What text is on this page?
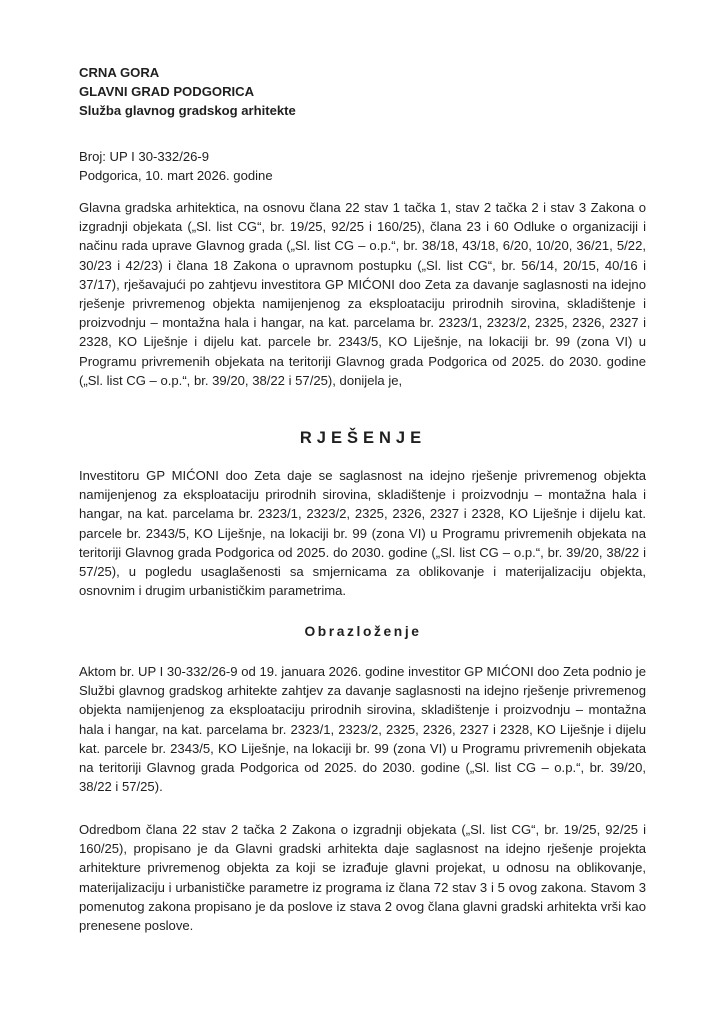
CRNA GORA
GLAVNI GRAD PODGORICA
Služba glavnog gradskog arhitekte
Broj: UP I 30-332/26-9
Podgorica, 10. mart 2026. godine

Glavna gradska arhitektica, na osnovu člana 22 stav 1 tačka 1, stav 2 tačka 2 i stav 3 Zakona o izgradnji objekata („Sl. list CG“, br. 19/25, 92/25 i 160/25), člana 23 i 60 Odluke o organizaciji i načinu rada uprave Glavnog grada („Sl. list CG – o.p.“, br. 38/18, 43/18, 6/20, 10/20, 36/21, 5/22, 30/23 i 42/23) i člana 18 Zakona o upravnom postupku („Sl. list CG“, br. 56/14, 20/15, 40/16 i 37/17), rješavajući po zahtjevu investitora GP MIĆONI doo Zeta za davanje saglasnosti na idejno rješenje privremenog objekta namijenjenog za eksploataciju prirodnih sirovina, skladištenje i proizvodnju – montažna hala i hangar, na kat. parcelama br. 2323/1, 2323/2, 2325, 2326, 2327 i 2328, KO Liješnje i dijelu kat. parcele br. 2343/5, KO Liješnje, na lokaciji br. 99 (zona VI) u Programu privremenih objekata na teritoriji Glavnog grada Podgorica od 2025. do 2030. godine („Sl. list CG – o.p.“, br. 39/20, 38/22 i 57/25), donijela je,

RJEŠENJE

Investitoru GP MIĆONI doo Zeta daje se saglasnost na idejno rješenje privremenog objekta namijenjenog za eksploataciju prirodnih sirovina, skladištenje i proizvodnju – montažna hala i hangar, na kat. parcelama br. 2323/1, 2323/2, 2325, 2326, 2327 i 2328, KO Liješnje i dijelu kat. parcele br. 2343/5, KO Liješnje, na lokaciji br. 99 (zona VI) u Programu privremenih objekata na teritoriji Glavnog grada Podgorica od 2025. do 2030. godine („Sl. list CG – o.p.“, br. 39/20, 38/22 i 57/25), u pogledu usaglašenosti sa smjernicama za oblikovanje i materijalizaciju objekta, osnovnim i drugim urbanističkim parametrima.

Obrazloženje

Aktom br. UP I 30-332/26-9 od 19. januara 2026. godine investitor GP MIĆONI doo Zeta podnio je Službi glavnog gradskog arhitekte zahtjev za davanje saglasnosti na idejno rješenje privremenog objekta namijenjenog za eksploataciju prirodnih sirovina, skladištenje i proizvodnju – montažna hala i hangar, na kat. parcelama br. 2323/1, 2323/2, 2325, 2326, 2327 i 2328, KO Liješnje i dijelu kat. parcele br. 2343/5, KO Liješnje, na lokaciji br. 99 (zona VI) u Programu privremenih objekata na teritoriji Glavnog grada Podgorica od 2025. do 2030. godine („Sl. list CG – o.p.“, br. 39/20, 38/22 i 57/25).

Odredbom člana 22 stav 2 tačka 2 Zakona o izgradnji objekata („Sl. list CG“, br. 19/25, 92/25 i 160/25), propisano je da Glavni gradski arhitekta daje saglasnost na idejno rješenje projekta arhitekture privremenog objekta za koji se izrađuje glavni projekat, u odnosu na oblikovanje, materijalizaciju i urbanističke parametre iz programa iz člana 72 stav 3 i 5 ovog zakona. Stavom 3 pomenutog zakona propisano je da poslove iz stava 2 ovog člana glavni gradski arhitekta vrši kao prenesene poslove.
